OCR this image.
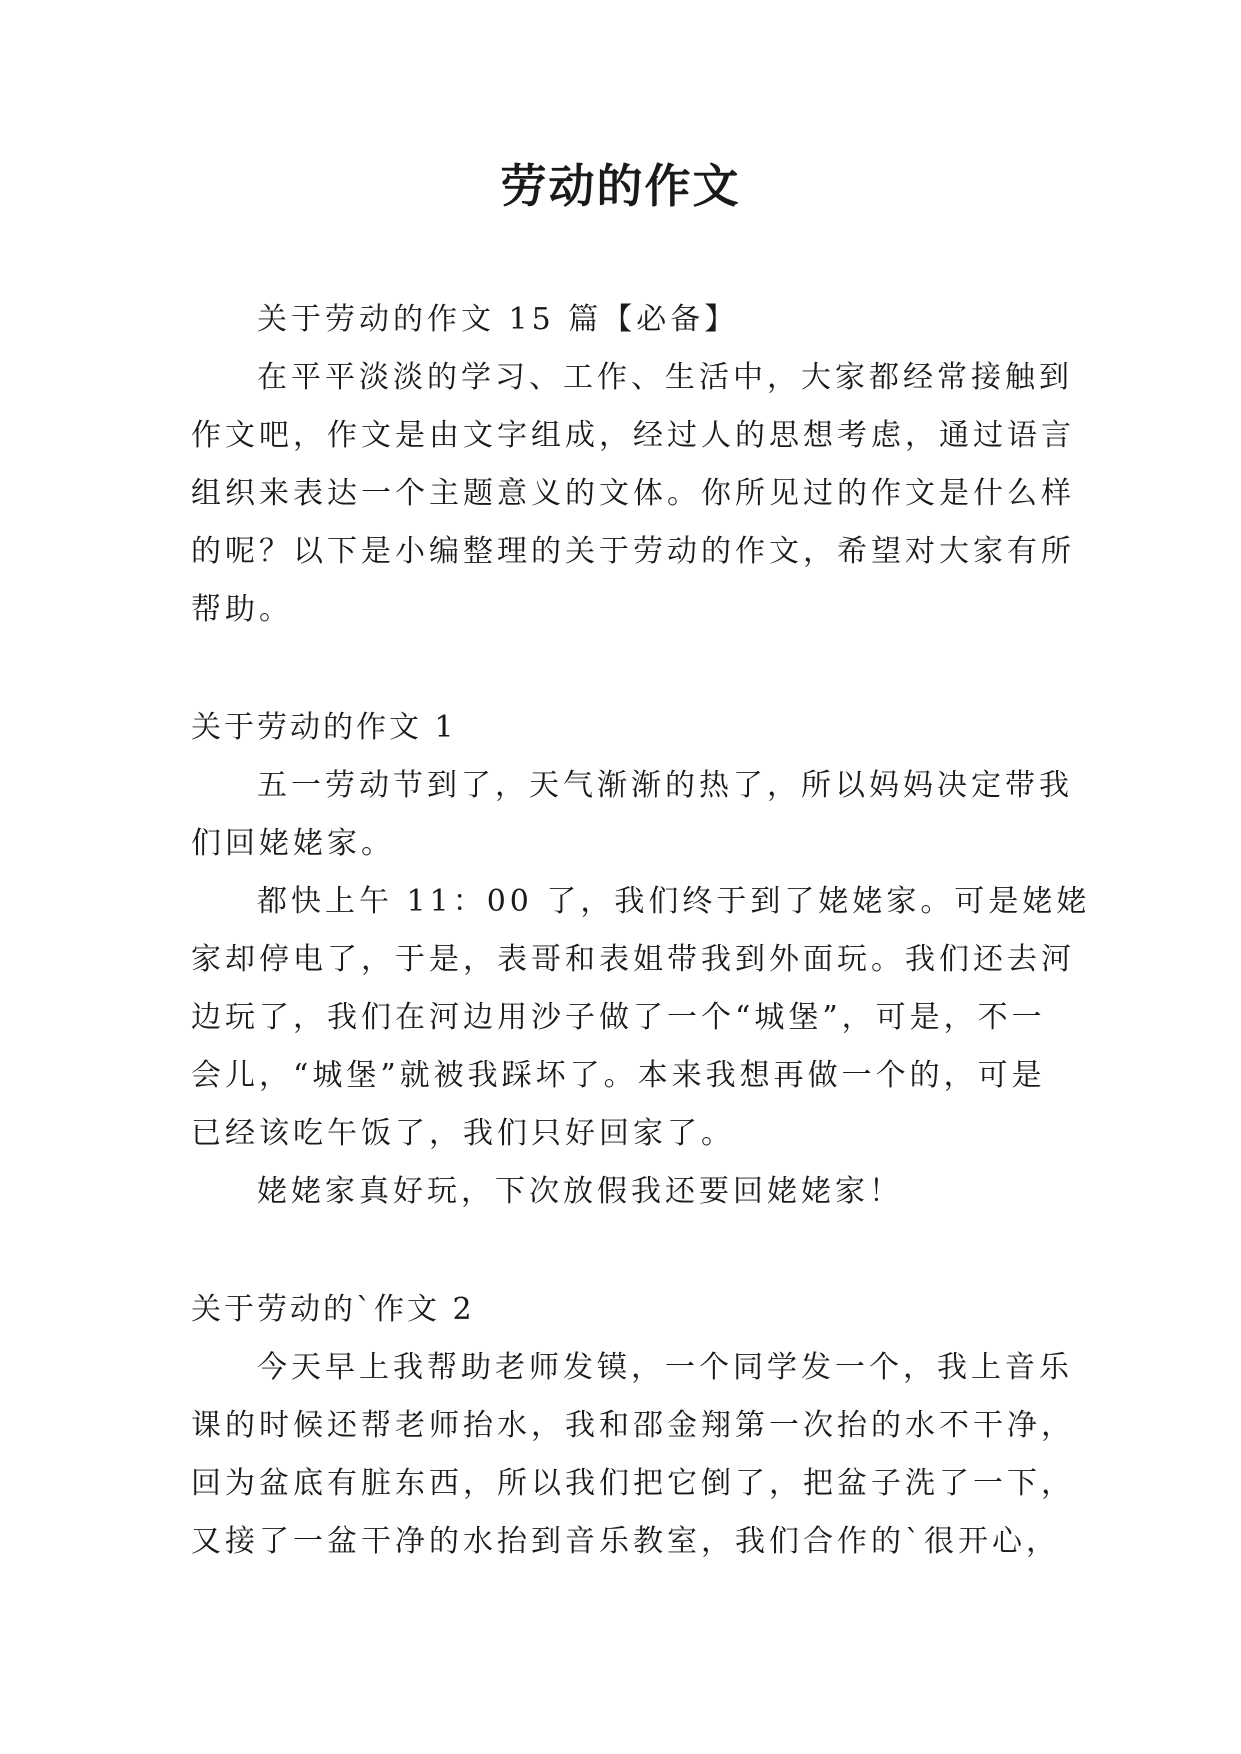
劳动的作文

关于劳动的作文 15 篇【必备】

在平平淡淡的学习、工作、生活中，大家都经常接触到

作文吧，作文是由文字组成，经过人的思想考虑，通过语言

组织来表达一个主题意义的文体。你所见过的作文是什么样

的呢？以下是小编整理的关于劳动的作文，希望对大家有所

帮助。

关于劳动的作文 1

五一劳动节到了，天气渐渐的热了，所以妈妈决定带我

们回姥姥家。

都快上午 11：00 了，我们终于到了姥姥家。可是姥姥

家却停电了，于是，表哥和表姐带我到外面玩。我们还去河

边玩了，我们在河边用沙子做了一个“城堡”，可是，不一

会儿，“城堡”就被我踩坏了。本来我想再做一个的，可是

已经该吃午饭了，我们只好回家了。

姥姥家真好玩，下次放假我还要回姥姥家！

关于劳动的`作文 2

今天早上我帮助老师发镆，一个同学发一个，我上音乐

课的时候还帮老师抬水，我和邵金翔第一次抬的水不干净，

回为盆底有脏东西，所以我们把它倒了，把盆子洗了一下，

又接了一盆干净的水抬到音乐教室，我们合作的`很开心，
